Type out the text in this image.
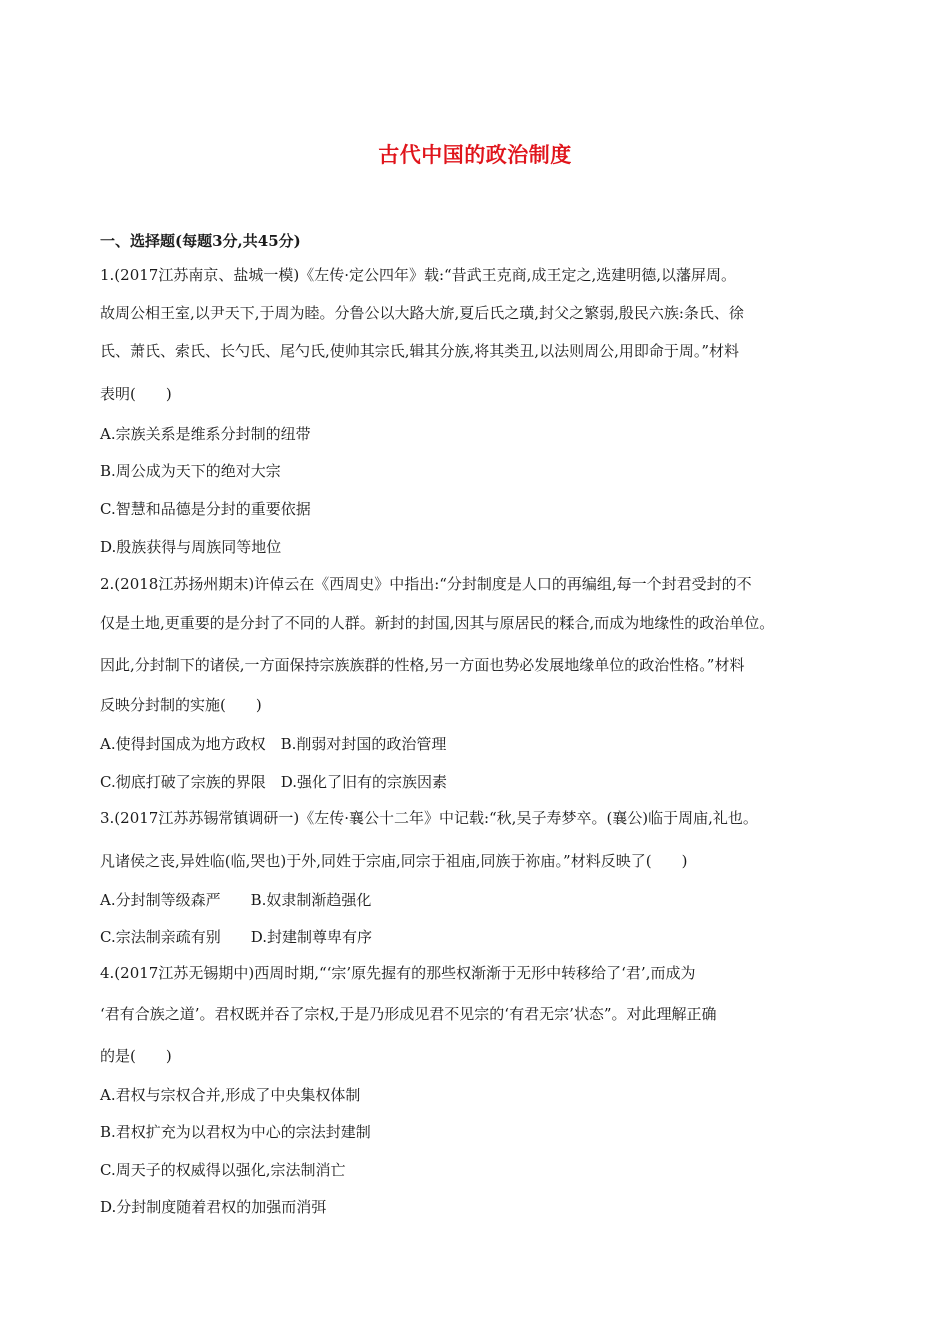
古代中国的政治制度
一、选择题(每题3分,共45分)
1.(2017江苏南京、盐城一模)《左传·定公四年》载:“昔武王克商,成王定之,选建明德,以藩屏周。
故周公相王室,以尹天下,于周为睦。分鲁公以大路大旂,夏后氏之璜,封父之繁弱,殷民六族:条氏、徐
氏、萧氏、索氏、长勺氏、尾勺氏,使帅其宗氏,辑其分族,将其类丑,以法则周公,用即命于周。”材料
表明(　　)
A.宗族关系是维系分封制的纽带
B.周公成为天下的绝对大宗
C.智慧和品德是分封的重要依据
D.殷族获得与周族同等地位
2.(2018江苏扬州期末)许倬云在《西周史》中指出:“分封制度是人口的再编组,每一个封君受封的不
仅是土地,更重要的是分封了不同的人群。新封的封国,因其与原居民的糅合,而成为地缘性的政治单位。
因此,分封制下的诸侯,一方面保持宗族族群的性格,另一方面也势必发展地缘单位的政治性格。”材料
反映分封制的实施(　　)
A.使得封国成为地方政权　B.削弱对封国的政治管理
C.彻底打破了宗族的界限　D.强化了旧有的宗族因素
3.(2017江苏苏锡常镇调研一)《左传·襄公十二年》中记载:“秋,吴子寿梦卒。(襄公)临于周庙,礼也。
凡诸侯之丧,异姓临(临,哭也)于外,同姓于宗庙,同宗于祖庙,同族于祢庙。”材料反映了(　　)
A.分封制等级森严　　B.奴隶制渐趋强化
C.宗法制亲疏有别　　D.封建制尊卑有序
4.(2017江苏无锡期中)西周时期,“‘宗’原先握有的那些权渐渐于无形中转移给了‘君’,而成为
‘君有合族之道’。君权既并吞了宗权,于是乃形成见君不见宗的‘有君无宗’状态”。对此理解正确
的是(　　)
A.君权与宗权合并,形成了中央集权体制
B.君权扩充为以君权为中心的宗法封建制
C.周天子的权威得以强化,宗法制消亡
D.分封制度随着君权的加强而消弭
